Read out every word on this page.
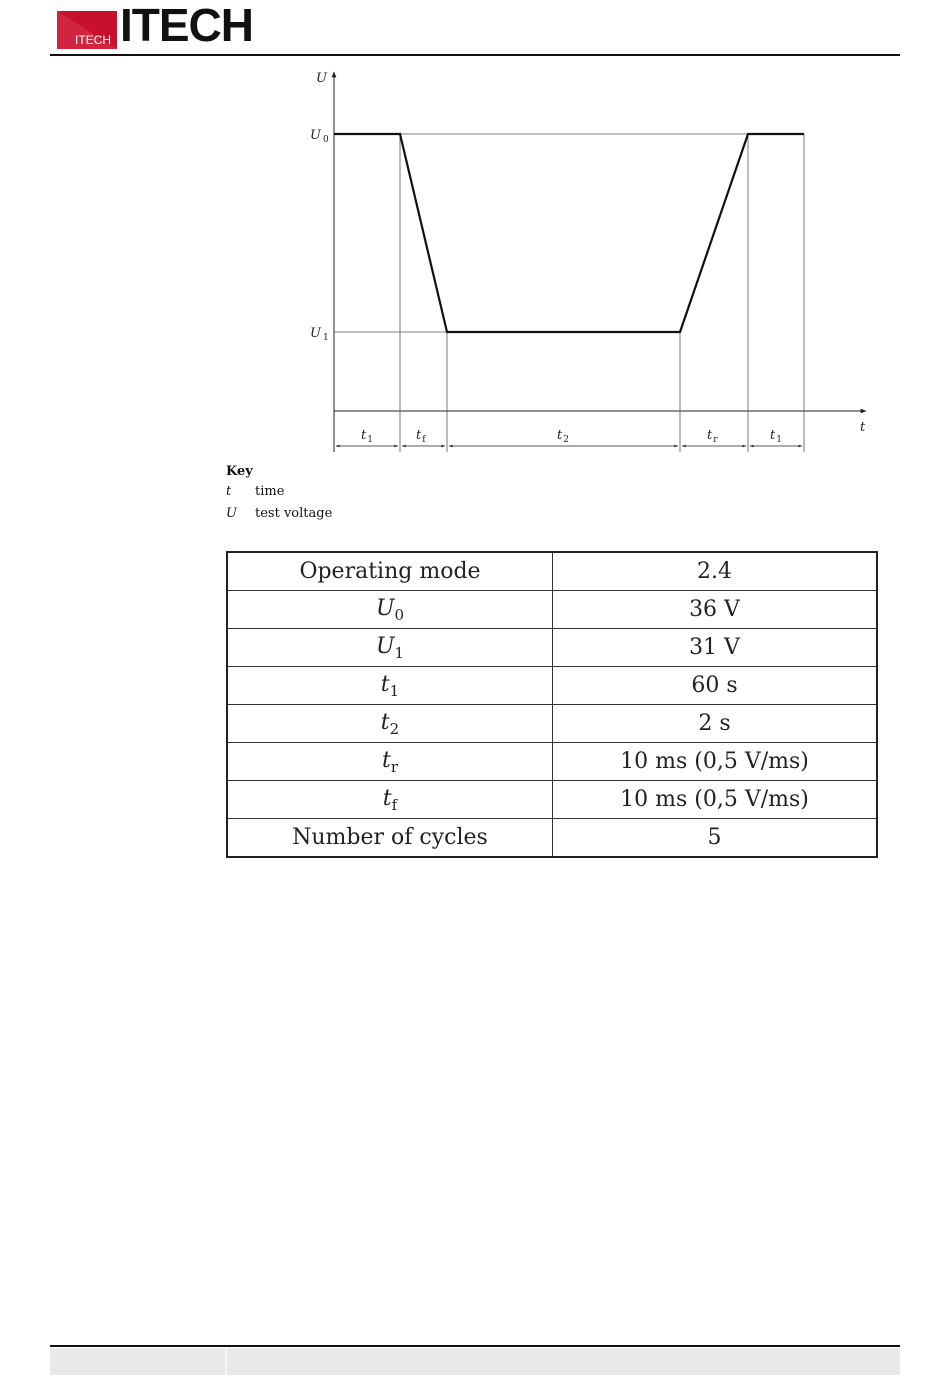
ITECH ITECH
U
t
U $_0$
U $_1$
$t_1$	$t_f$	$t_2$	$t_r$	$t_1$
Key
t	time
U	test voltage
Operating mode	2.4
$U_0$	36 V
$U_1$	31 V
$t_1$	60 s
$t_2$	2 s
$t_r$	10 ms (0,5 V/ms)
$t_f$	10 ms (0,5 V/ms)
Number of cycles	5
